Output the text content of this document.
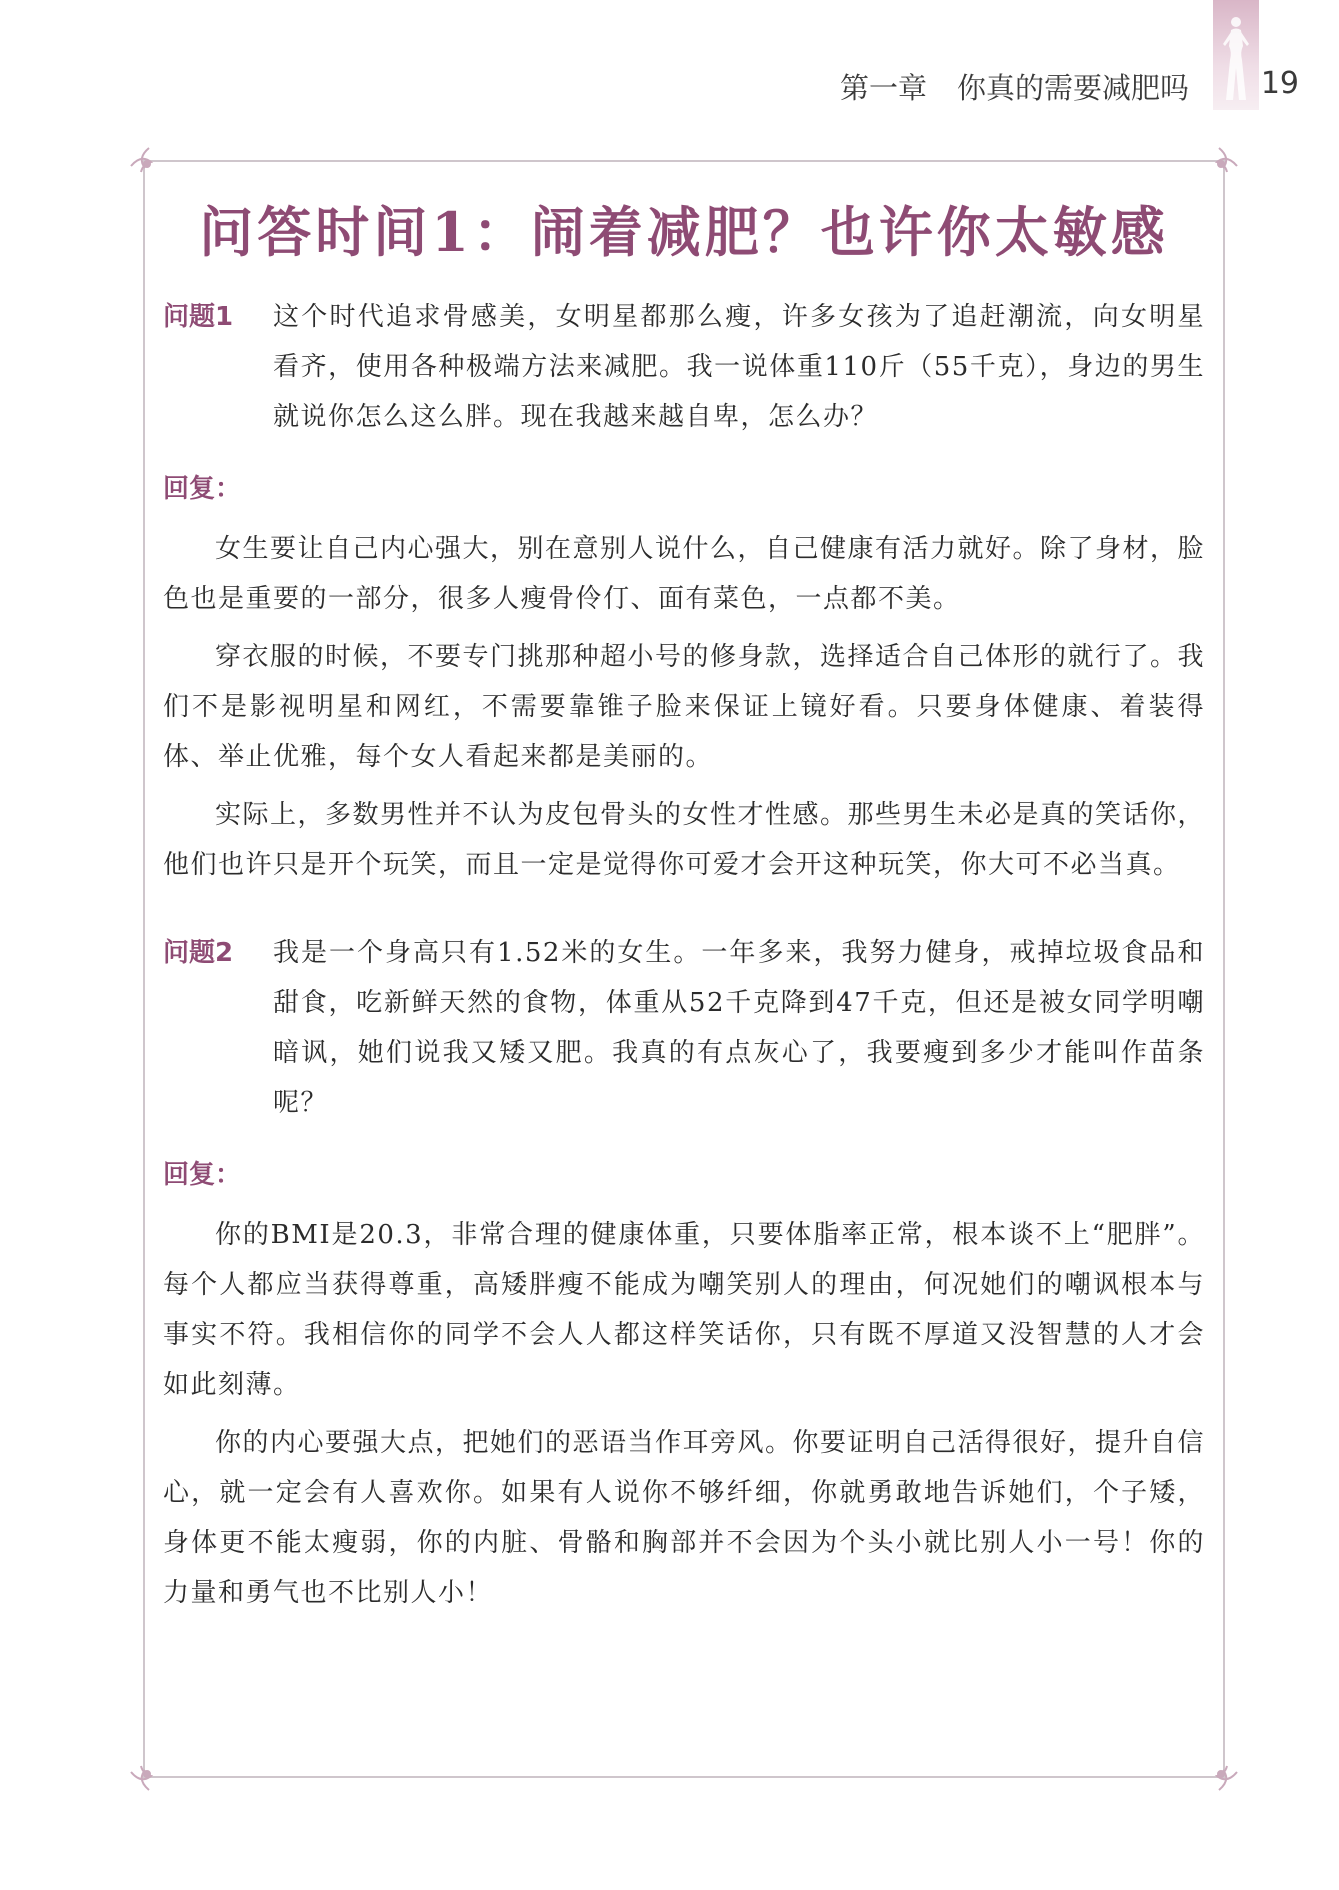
第一章 你真的需要减肥吗 19
问答时间1：闹着减肥？也许你太敏感
问题1	这个时代追求骨感美，女明星都那么瘦，许多女孩为了追赶潮流，向女明星看齐，使用各种极端方法来减肥。我一说体重110斤（55千克），身边的男生就说你怎么这么胖。现在我越来越自卑，怎么办？
回复：

女生要让自己内心强大，别在意别人说什么，自己健康有活力就好。除了身材，脸色也是重要的一部分，很多人瘦骨伶仃、面有菜色，一点都不美。

穿衣服的时候，不要专门挑那种超小号的修身款，选择适合自己体形的就行了。我们不是影视明星和网红，不需要靠锥子脸来保证上镜好看。只要身体健康、着装得体、举止优雅，每个女人看起来都是美丽的。

实际上，多数男性并不认为皮包骨头的女性才性感。那些男生未必是真的笑话你，他们也许只是开个玩笑，而且一定是觉得你可爱才会开这种玩笑，你大可不必当真。

问题2	我是一个身高只有1.52米的女生。一年多来，我努力健身，戒掉垃圾食品和甜食，吃新鲜天然的食物，体重从52千克降到47千克，但还是被女同学明嘲暗讽，她们说我又矮又肥。我真的有点灰心了，我要瘦到多少才能叫作苗条呢？
回复：

你的BMI是20.3，非常合理的健康体重，只要体脂率正常，根本谈不上“肥胖”。每个人都应当获得尊重，高矮胖瘦不能成为嘲笑别人的理由，何况她们的嘲讽根本与事实不符。我相信你的同学不会人人都这样笑话你，只有既不厚道又没智慧的人才会如此刻薄。

你的内心要强大点，把她们的恶语当作耳旁风。你要证明自己活得很好，提升自信心，就一定会有人喜欢你。如果有人说你不够纤细，你就勇敢地告诉她们，个子矮，身体更不能太瘦弱，你的内脏、骨骼和胸部并不会因为个头小就比别人小一号！你的力量和勇气也不比别人小！
